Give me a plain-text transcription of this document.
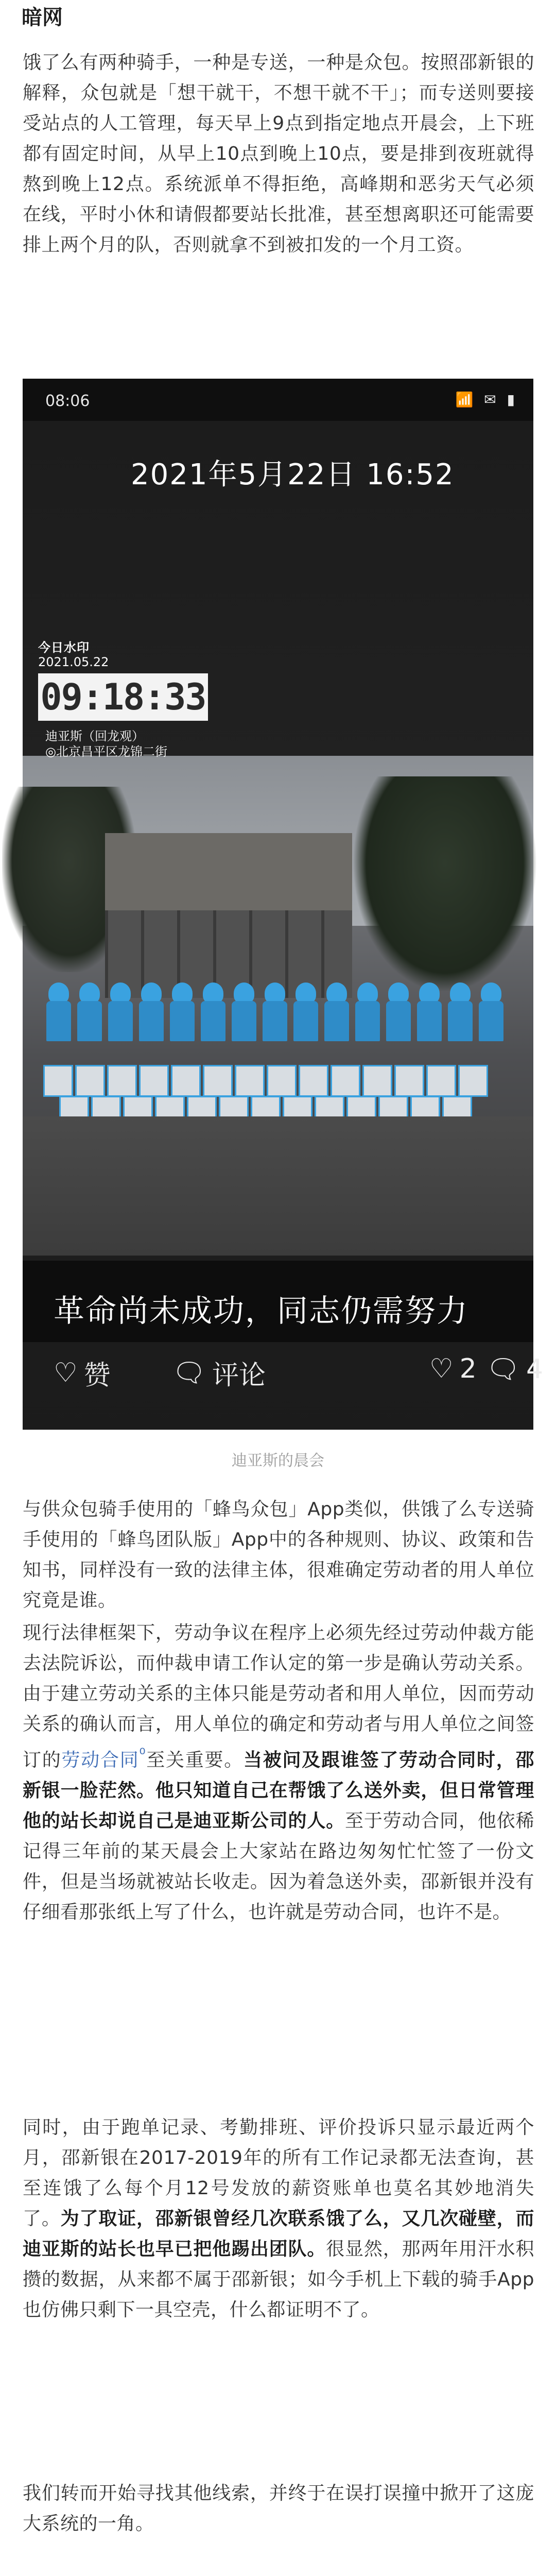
暗网

饿了么有两种骑手，一种是专送，一种是众包。按照邵新银的解释，众包就是「想干就干，不想干就不干」；而专送则要接受站点的人工管理，每天早上9点到指定地点开晨会，上下班都有固定时间，从早上10点到晚上10点，要是排到夜班就得熬到晚上12点。系统派单不得拒绝，高峰期和恶劣天气必须在线，平时小休和请假都要站长批准，甚至想离职还可能需要排上两个月的队，否则就拿不到被扣发的一个月工资。

08:06	📶 ✉ ▮
2021年5月22日 16:52
今日水印
2021.05.22
09:18:33
迪亚斯（回龙观）
◎北京昌平区龙锦二街
革命尚未成功，同志仍需努力
♡ 赞 🗨 评论	♡ 2 🗨 4
迪亚斯的晨会

与供众包骑手使用的「蜂鸟众包」App类似，供饿了么专送骑手使用的「蜂鸟团队版」App中的各种规则、协议、政策和告知书，同样没有一致的法律主体，很难确定劳动者的用人单位究竟是谁。

现行法律框架下，劳动争议在程序上必须先经过劳动仲裁方能去法院诉讼，而仲裁申请工作认定的第一步是确认劳动关系。由于建立劳动关系的主体只能是劳动者和用人单位，因而劳动关系的确认而言，用人单位的确定和劳动者与用人单位之间签订的劳动合同$^{^0}$至关重要。当被问及跟谁签了劳动合同时，邵新银一脸茫然。他只知道自己在帮饿了么送外卖，但日常管理他的站长却说自己是迪亚斯公司的人。至于劳动合同，他依稀记得三年前的某天晨会上大家站在路边匆匆忙忙签了一份文件，但是当场就被站长收走。因为着急送外卖，邵新银并没有仔细看那张纸上写了什么，也许就是劳动合同，也许不是。

同时，由于跑单记录、考勤排班、评价投诉只显示最近两个月，邵新银在2017-2019年的所有工作记录都无法查询，甚至连饿了么每个月12号发放的薪资账单也莫名其妙地消失了。为了取证，邵新银曾经几次联系饿了么，又几次碰壁，而迪亚斯的站长也早已把他踢出团队。很显然，那两年用汗水积攒的数据，从来都不属于邵新银；如今手机上下载的骑手App也仿佛只剩下一具空壳，什么都证明不了。

我们转而开始寻找其他线索，并终于在误打误撞中掀开了这庞大系统的一角。
